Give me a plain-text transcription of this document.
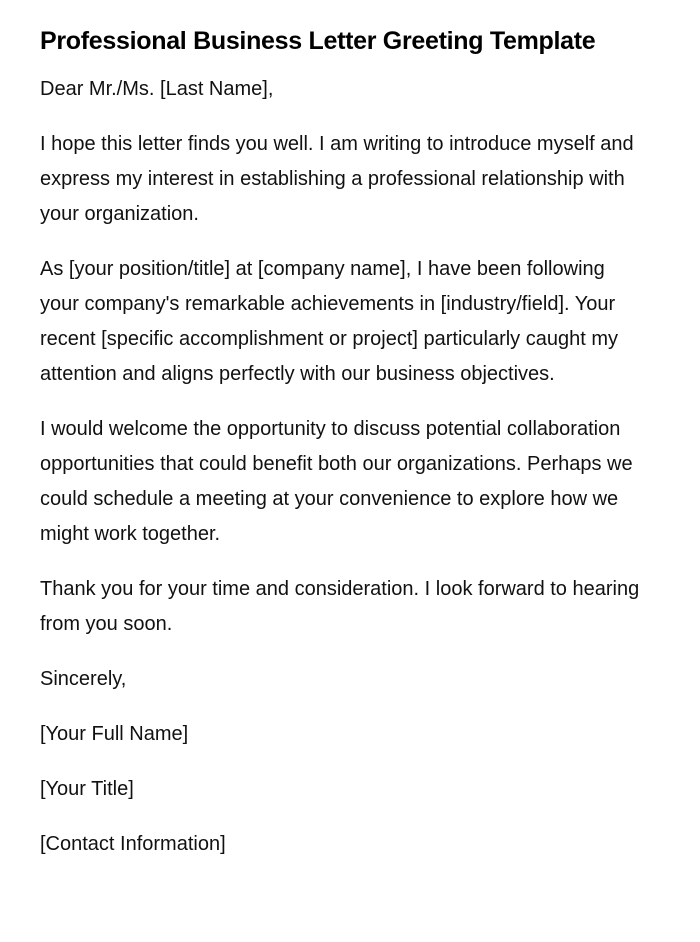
Professional Business Letter Greeting Template

Dear Mr./Ms. [Last Name],

I hope this letter finds you well. I am writing to introduce myself and express my interest in establishing a professional relationship with your organization.

As [your position/title] at [company name], I have been following your company's remarkable achievements in [industry/field]. Your recent [specific accomplishment or project] particularly caught my attention and aligns perfectly with our business objectives.

I would welcome the opportunity to discuss potential collaboration opportunities that could benefit both our organizations. Perhaps we could schedule a meeting at your convenience to explore how we might work together.

Thank you for your time and consideration. I look forward to hearing from you soon.

Sincerely,

[Your Full Name]

[Your Title]

[Contact Information]
